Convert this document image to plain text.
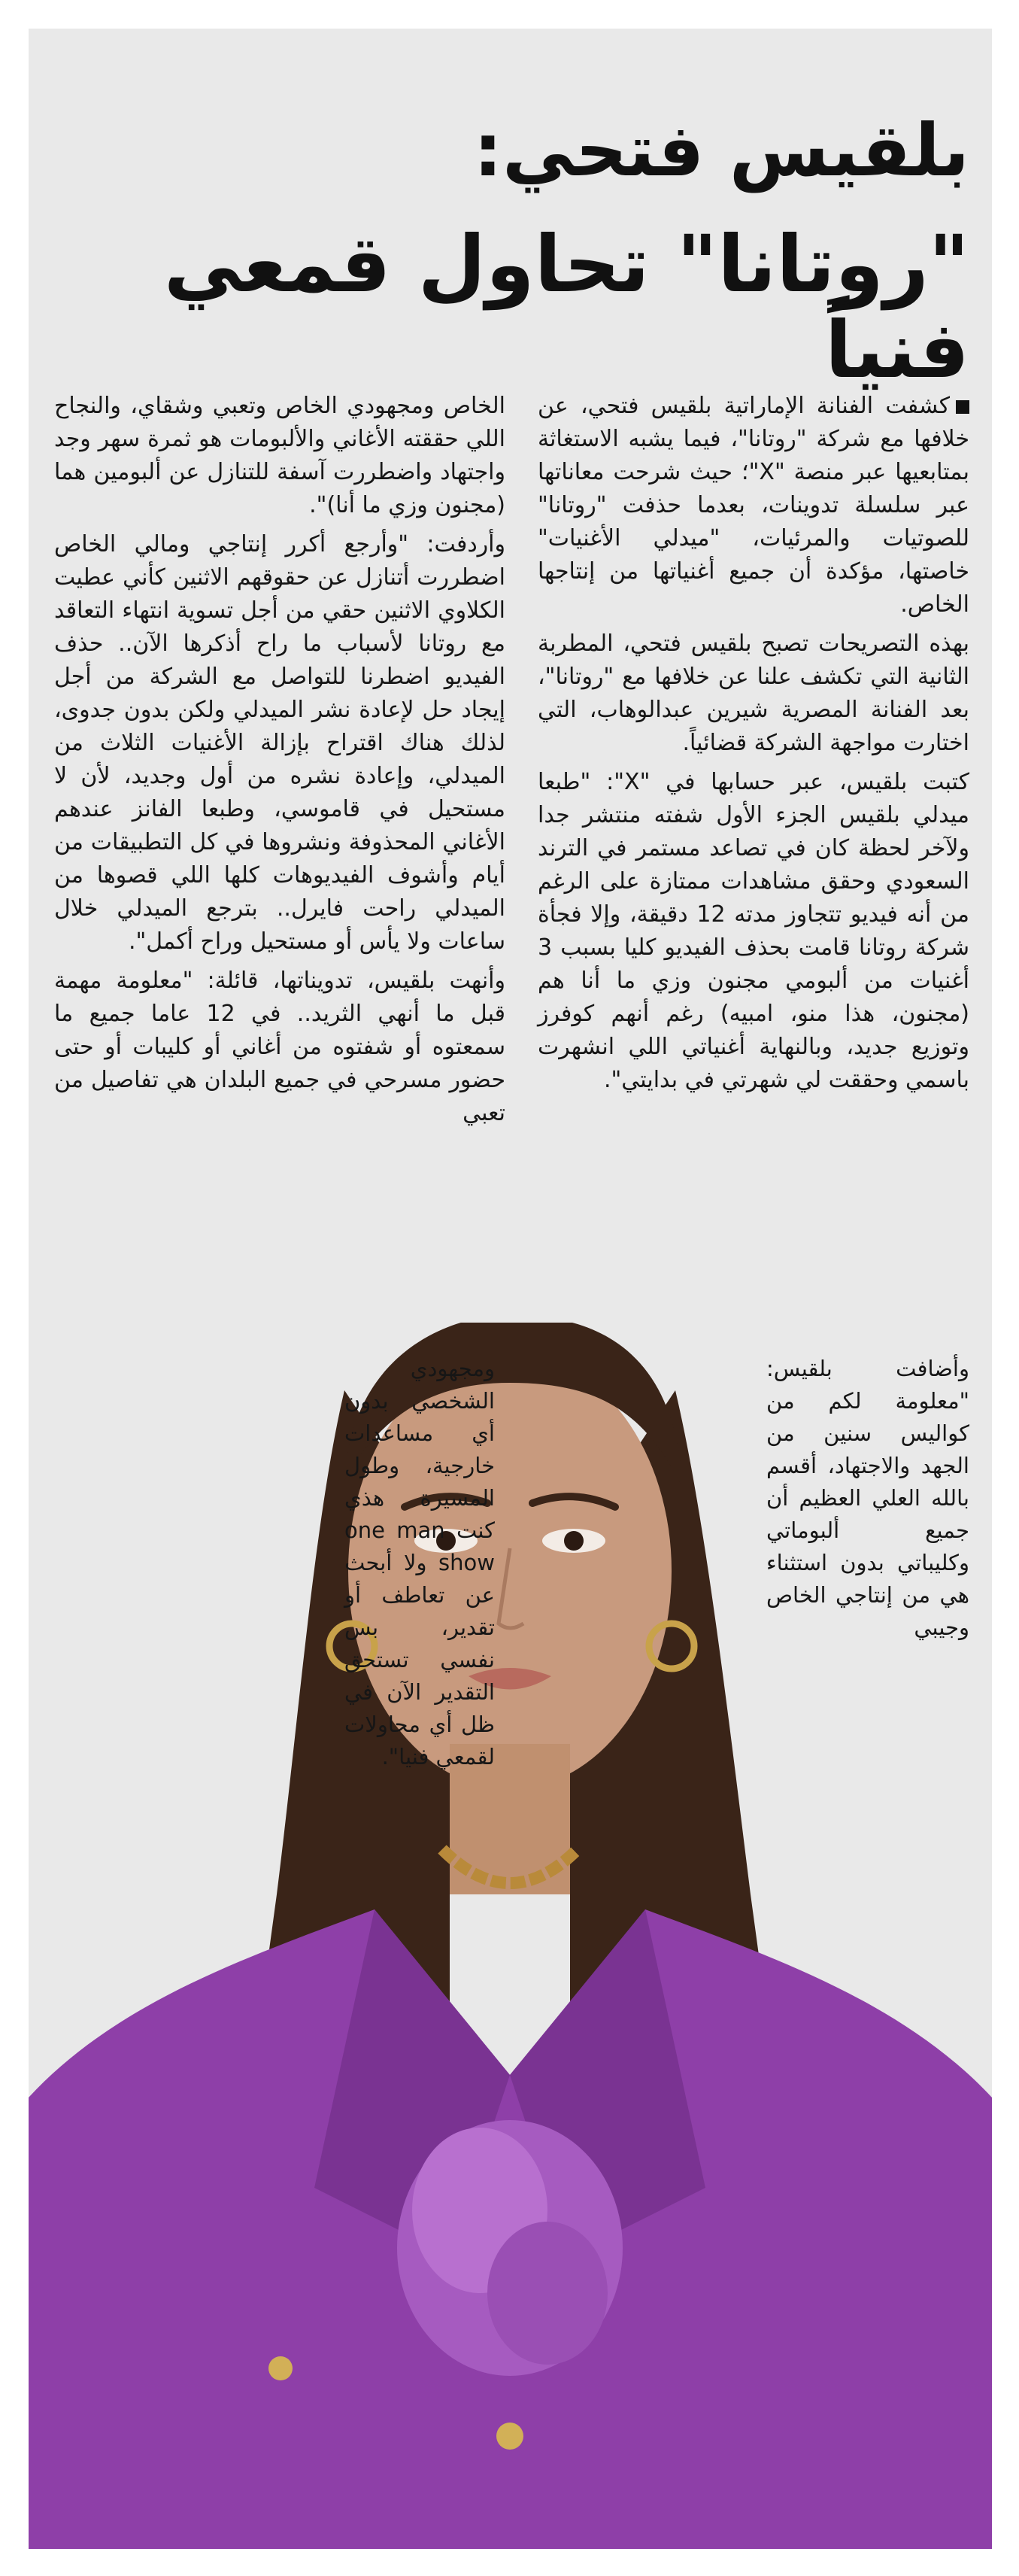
بلقيس فتحي:
"روتانا" تحاول قمعي فنياً

كشفت الفنانة الإماراتية بلقيس فتحي، عن خلافها مع شركة "روتانا"، فيما يشبه الاستغاثة بمتابعيها عبر منصة "X"؛ حيث شرحت معاناتها عبر سلسلة تدوينات، بعدما حذفت "روتانا" للصوتيات والمرئيات، "ميدلي الأغنيات" خاصتها، مؤكدة أن جميع أغنياتها من إنتاجها الخاص.

بهذه التصريحات تصبح بلقيس فتحي، المطربة الثانية التي تكشف علنا عن خلافها مع "روتانا"، بعد الفنانة المصرية شيرين عبدالوهاب، التي اختارت مواجهة الشركة قضائياً.

كتبت بلقيس، عبر حسابها في "X": "طبعا ميدلي بلقيس الجزء الأول شفته منتشر جدا ولآخر لحظة كان في تصاعد مستمر في الترند السعودي وحقق مشاهدات ممتازة على الرغم من أنه فيديو تتجاوز مدته 12 دقيقة، وإلا فجأة شركة روتانا قامت بحذف الفيديو كليا بسبب 3 أغنيات من ألبومي مجنون وزي ما أنا هم (مجنون، هذا منو، امبيه) رغم أنهم كوفرز وتوزيع جديد، وبالنهاية أغنياتي اللي انشهرت باسمي وحققت لي شهرتي في بدايتي".

الخاص ومجهودي الخاص وتعبي وشقاي، والنجاح اللي حققته الأغاني والألبومات هو ثمرة سهر وجد واجتهاد واضطررت آسفة للتنازل عن ألبومين هما (مجنون وزي ما أنا)".

وأردفت: "وأرجع أكرر إنتاجي ومالي الخاص اضطررت أتنازل عن حقوقهم الاثنين كأني عطيت الكلاوي الاثنين حقي من أجل تسوية انتهاء التعاقد مع روتانا لأسباب ما راح أذكرها الآن.. حذف الفيديو اضطرنا للتواصل مع الشركة من أجل إيجاد حل لإعادة نشر الميدلي ولكن بدون جدوى، لذلك هناك اقتراح بإزالة الأغنيات الثلاث من الميدلي، وإعادة نشره من أول وجديد، لأن لا مستحيل في قاموسي، وطبعا الفانز عندهم الأغاني المحذوفة ونشروها في كل التطبيقات من أيام وأشوف الفيديوهات كلها اللي قصوها من الميدلي راحت فايرل.. بترجع الميدلي خلال ساعات ولا يأس أو مستحيل وراح أكمل".

وأنهت بلقيس، تدويناتها، قائلة: "معلومة مهمة قبل ما أنهي الثريد.. في 12 عاما جميع ما سمعتوه أو شفتوه من أغاني أو كليبات أو حتى حضور مسرحي في جميع البلدان هي تفاصيل من تعبي

وأضافت بلقيس: "معلومة لكم من كواليس سنين من الجهد والاجتهاد، أقسم بالله العلي العظيم أن جميع ألبوماتي وكليباتي بدون استثناء هي من إنتاجي الخاص وجيبي

ومجهودي الشخصي بدون أي مساعدات خارجية، وطول المسيرة هذي كنت one man show ولا أبحث عن تعاطف أو تقدير، بس نفسي تستحق التقدير الآن في ظل أي محاولات لقمعي فنيا".
